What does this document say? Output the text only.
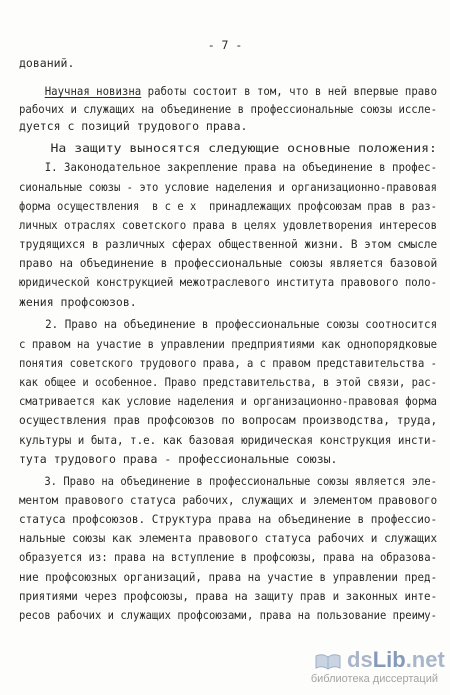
- 7 -
дований.
Научная новизна работы состоит в том, что в ней впервые право
рабочих и служащих на объединение в профессиональные союзы иссле-
дуется с позиций трудового права.
На защиту выносятся следующие основные положения:
I. Законодательное закрепление права на объединение в профес-
сиональные союзы - это условие наделения и организационно-правовая
форма осуществления  в с е х  принадлежащих профсоюзам прав в раз-
личных отраслях советского права в целях удовлетворения интересов
трудящихся в различных сферах общественной жизни. В этом смысле
право на объединение в профессиональные союзы является базовой
юридической конструкцией межотраслевого института правового поло-
жения профсоюзов.
2. Право на объединение в профессиональные союзы соотносится
с правом на участие в управлении предприятиями как однопорядковые
понятия советского трудового права, а с правом представительства -
как общее и особенное. Право представительства, в этой связи, рас-
сматривается как условие наделения и организационно-правовая форма
осуществления прав профсоюзов по вопросам производства, труда,
культуры и быта, т.е. как базовая юридическая конструкция инсти-
тута трудового права - профессиональные союзы.
3. Право на объединение в профессиональные союзы является эле-
ментом правового статуса рабочих, служащих и элементом правового
статуса профсоюзов. Структура права на объединение в профессио-
нальные союзы как элемента правового статуса рабочих и служащих
образуется из: права на вступление в профсоюзы, права на образова-
ние профсоюзных организаций, права на участие в управлении пред-
приятиями через профсоюзы, права на защиту прав и законных инте-
ресов рабочих и служащих профсоюзами, права на пользование преиму-
dsLib.net
библиотека диссертаций
